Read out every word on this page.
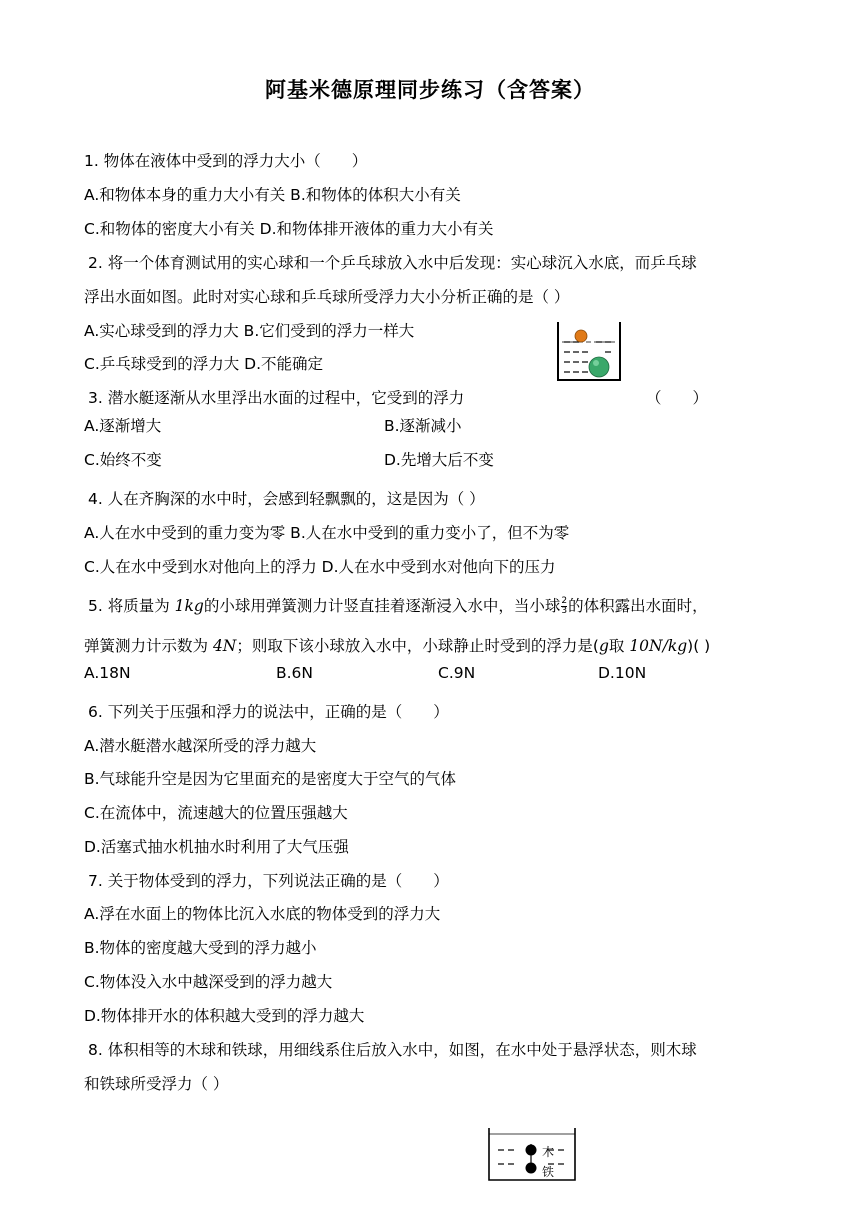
阿基米德原理同步练习（含答案）
1. 物体在液体中受到的浮力大小（　　）
A.和物体本身的重力大小有关 B.和物体的体积大小有关
C.和物体的密度大小有关 D.和物体排开液体的重力大小有关
2. 将一个体育测试用的实心球和一个乒乓球放入水中后发现：实心球沉入水底，而乒乓球
浮出水面如图。此时对实心球和乒乓球所受浮力大小分析正确的是（ ）
A.实心球受到的浮力大 B.它们受到的浮力一样大
C.乒乓球受到的浮力大 D.不能确定
3. 潜水艇逐渐从水里浮出水面的过程中，它受到的浮力	（　　）
A.逐渐增大	B.逐渐减小
C.始终不变	D.先增大后不变
4. 人在齐胸深的水中时，会感到轻飘飘的，这是因为（ ）
A.人在水中受到的重力变为零 B.人在水中受到的重力变小了，但不为零
C.人在水中受到水对他向上的浮力 D.人在水中受到水对他向下的压力
5. 将质量为 1kg的小球用弹簧测力计竖直挂着逐渐浸入水中，当小球 $\frac{2}{3}$ 的体积露出水面时，
弹簧测力计示数为 4N；则取下该小球放入水中，小球静止时受到的浮力是(g取 10N/kg)( )
A.18N	B.6N	C.9N	D.10N
6. 下列关于压强和浮力的说法中，正确的是（　　）
A.潜水艇潜水越深所受的浮力越大
B.气球能升空是因为它里面充的是密度大于空气的气体
C.在流体中，流速越大的位置压强越大
D.活塞式抽水机抽水时利用了大气压强
7. 关于物体受到的浮力，下列说法正确的是（　　）
A.浮在水面上的物体比沉入水底的物体受到的浮力大
B.物体的密度越大受到的浮力越小
C.物体没入水中越深受到的浮力越大
D.物体排开水的体积越大受到的浮力越大
8. 体积相等的木球和铁球，用细线系住后放入水中，如图，在水中处于悬浮状态，则木球
和铁球所受浮力（ ）
木
铁
